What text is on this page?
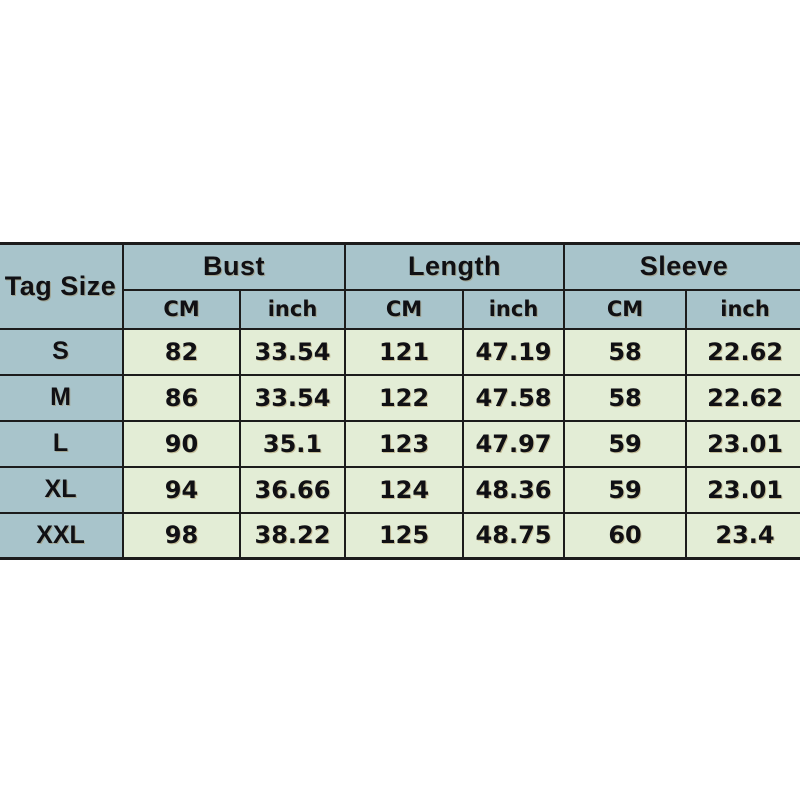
Tag Size	Bust		Length		Sleeve	
	CM	inch	CM	inch	CM	inch
S	82	33.54	121	47.19	58	22.62
M	86	33.54	122	47.58	58	22.62
L	90	35.1	123	47.97	59	23.01
XL	94	36.66	124	48.36	59	23.01
XXL	98	38.22	125	48.75	60	23.4
